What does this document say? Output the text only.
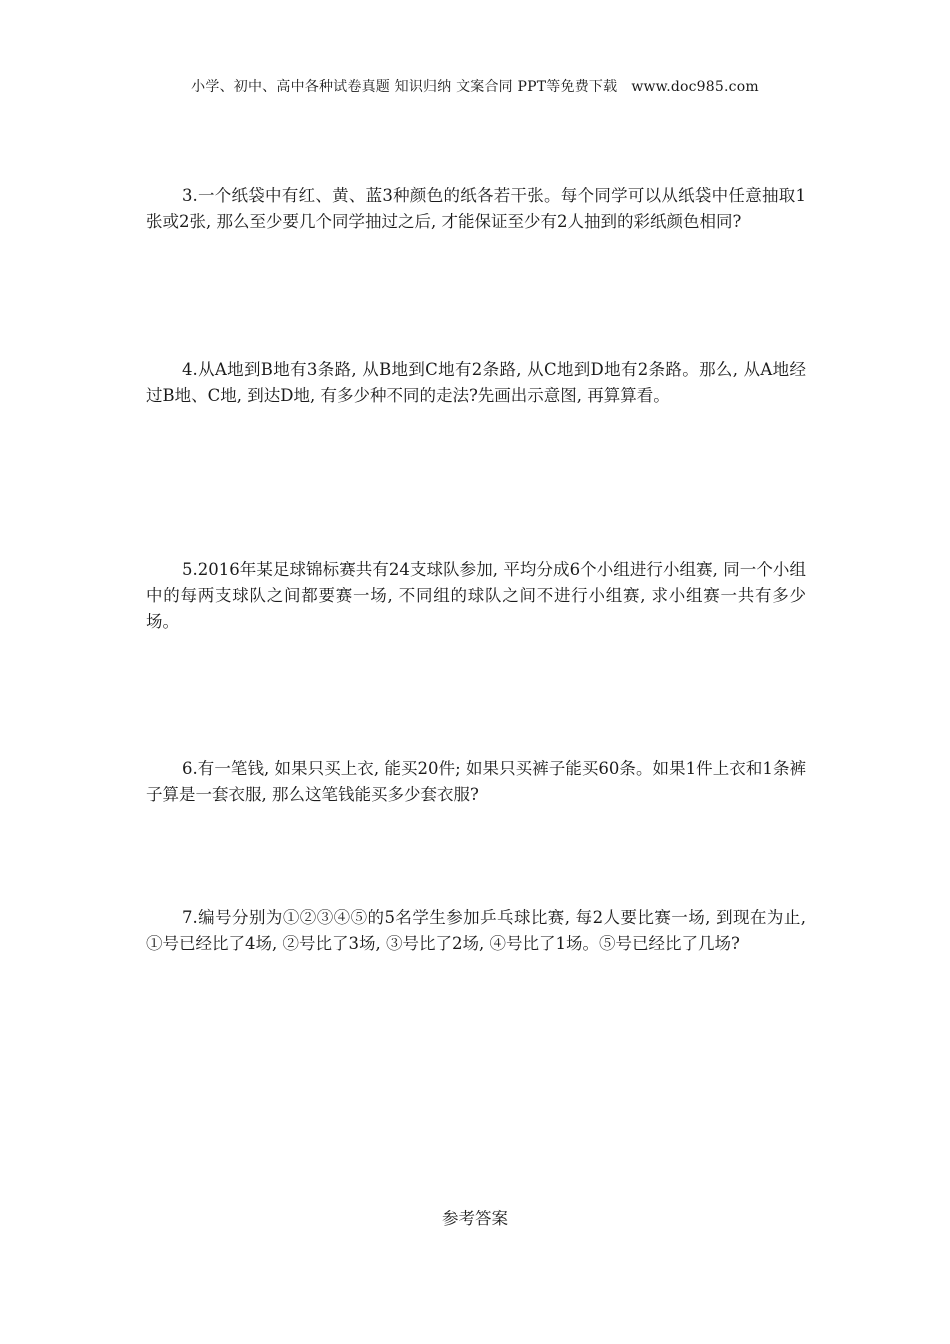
小学、初中、高中各种试卷真题 知识归纳 文案合同 PPT等免费下载 www.doc985.com

3.一个纸袋中有红、黄、蓝3种颜色的纸各若干张。每个同学可以从纸袋中任意抽取1张或2张, 那么至少要几个同学抽过之后, 才能保证至少有2人抽到的彩纸颜色相同?

4.从A地到B地有3条路, 从B地到C地有2条路, 从C地到D地有2条路。那么, 从A地经过B地、C地, 到达D地, 有多少种不同的走法?先画出示意图, 再算算看。

5.2016年某足球锦标赛共有24支球队参加, 平均分成6个小组进行小组赛, 同一个小组中的每两支球队之间都要赛一场, 不同组的球队之间不进行小组赛, 求小组赛一共有多少场。

6.有一笔钱, 如果只买上衣, 能买20件; 如果只买裤子能买60条。如果1件上衣和1条裤子算是一套衣服, 那么这笔钱能买多少套衣服?

7.编号分别为①②③④⑤的5名学生参加乒乓球比赛, 每2人要比赛一场, 到现在为止, ①号已经比了4场, ②号比了3场, ③号比了2场, ④号比了1场。⑤号已经比了几场?

参考答案
